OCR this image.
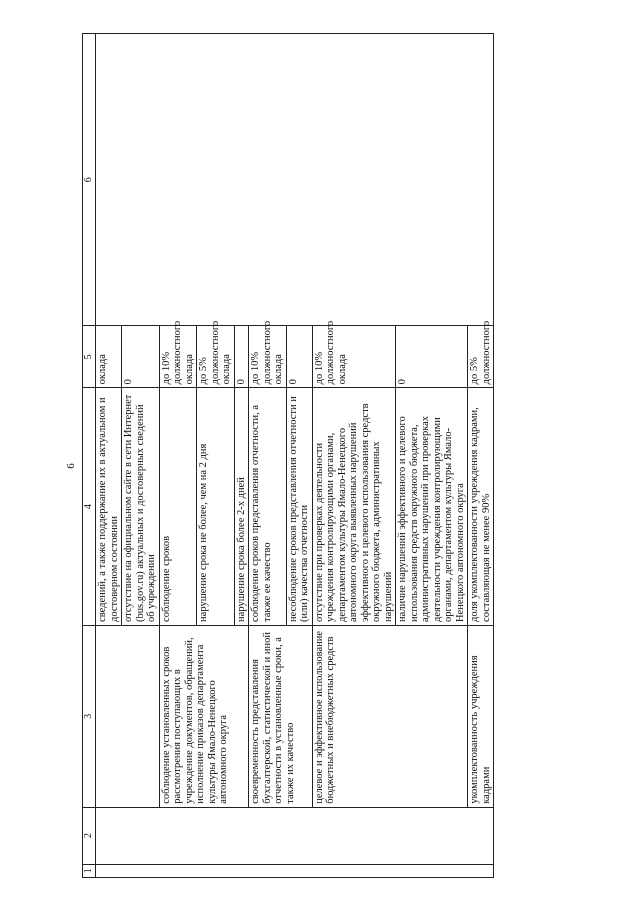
6
1	2	3	4	5	6
			сведений, а также поддержание их в актуальном и достоверном состоянии	оклада	
			отсутствие на официальном сайте в сети Интернет (bus.gov.ru) актуальных и достоверных сведений об учреждении	0	
		соблюдение установленных сроков рассмотрения поступающих в учреждение документов, обращений, исполнение приказов департамента культуры Ямало-Ненецкого автономного округа	соблюдение сроков	до 10% должностного оклада	
			нарушение срока не более, чем на 2 дня	до 5% должностного оклада	
			нарушение срока более 2-х дней	0	
		своевременность представления бухгалтерской, статистической и иной отчетности в установленные сроки, а также их качество	соблюдение сроков представления отчетности, а также ее качество	до 10% должностного оклада	
			несоблюдение сроков представления отчетности и (или) качества отчетности	0	
		целевое и эффективное использование бюджетных и внебюджетных средств	отсутствие при проверках деятельности учреждения контролирующими органами, департаментом культуры Ямало-Ненецкого автономного округа выявленных нарушений эффективного и целевого использования средств окружного бюджета, административных нарушений	до 10% должностного оклада	
			наличие нарушений эффективного и целевого использования средств окружного бюджета, административных нарушений при проверках деятельности учреждения контролирующими органами, департаментом культуры Ямало-Ненецкого автономного округа	0	
		укомплектованность учреждения кадрами	доля укомплектованности учреждения кадрами, составляющая не менее 90%	до 5% должностного	
